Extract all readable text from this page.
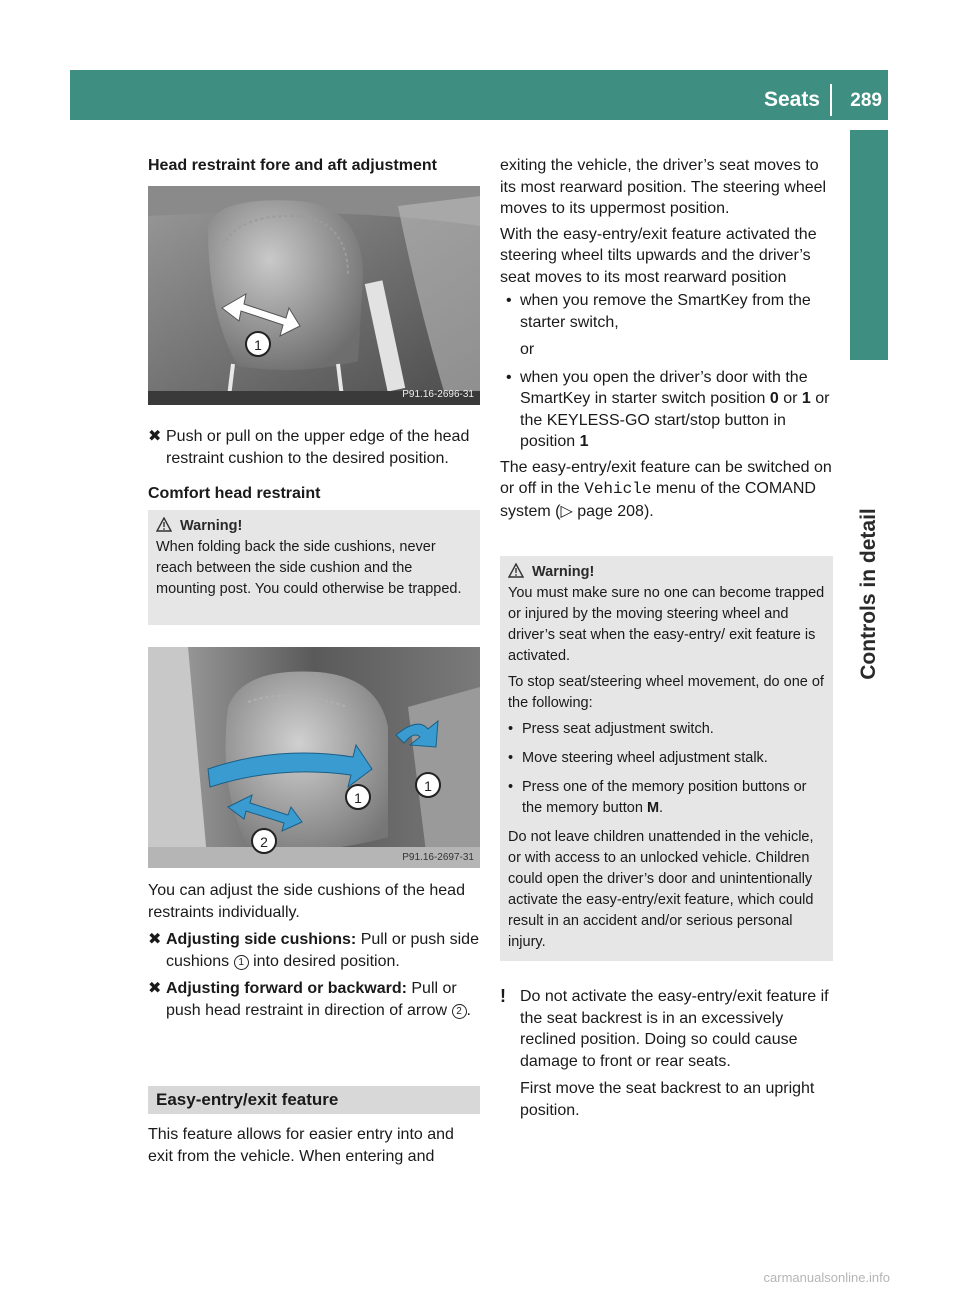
Seats 289
Controls in detail

Head restraint fore and aft adjustment

1
P91.16-2696-31
✖ Push or pull on the upper edge of the head restraint cushion to the desired position.

Comfort head restraint

Warning!
When folding back the side cushions, never reach between the side cushion and the mounting post. You could otherwise be trapped.
1
1
2
P91.16-2697-31

You can adjust the side cushions of the head restraints individually.

✖ Adjusting side cushions: Pull or push side cushions 1 into desired position.
✖ Adjusting forward or backward: Pull or push head restraint in direction of arrow 2 .
Easy-entry/exit feature

This feature allows for easier entry into and exit from the vehicle. When entering and

exiting the vehicle, the driver’s seat moves to its most rearward position. The steering wheel moves to its uppermost position.

With the easy-entry/exit feature activated the steering wheel tilts upwards and the driver’s seat moves to its most rearward position

• when you remove the SmartKey from the starter switch,

or

• when you open the driver’s door with the SmartKey in starter switch position 0 or 1 or the KEYLESS-GO start/stop button in position 1

The easy-entry/exit feature can be switched on or off in the Vehicle menu of the COMAND system (▷ page 208).

Warning!
You must make sure no one can become trapped or injured by the moving steering wheel and driver’s seat when the easy-entry/ exit feature is activated.
To stop seat/steering wheel movement, do one of the following:
• Press seat adjustment switch.
• Move steering wheel adjustment stalk.
• Press one of the memory position buttons or the memory button M.
Do not leave children unattended in the vehicle, or with access to an unlocked vehicle. Children could open the driver’s door and unintentionally activate the easy-entry/exit feature, which could result in an accident and/or serious personal injury.
! Do not activate the easy-entry/exit feature if the seat backrest is in an excessively reclined position. Doing so could cause damage to front or rear seats.

First move the seat backrest to an upright position.

carmanualsonline.info
